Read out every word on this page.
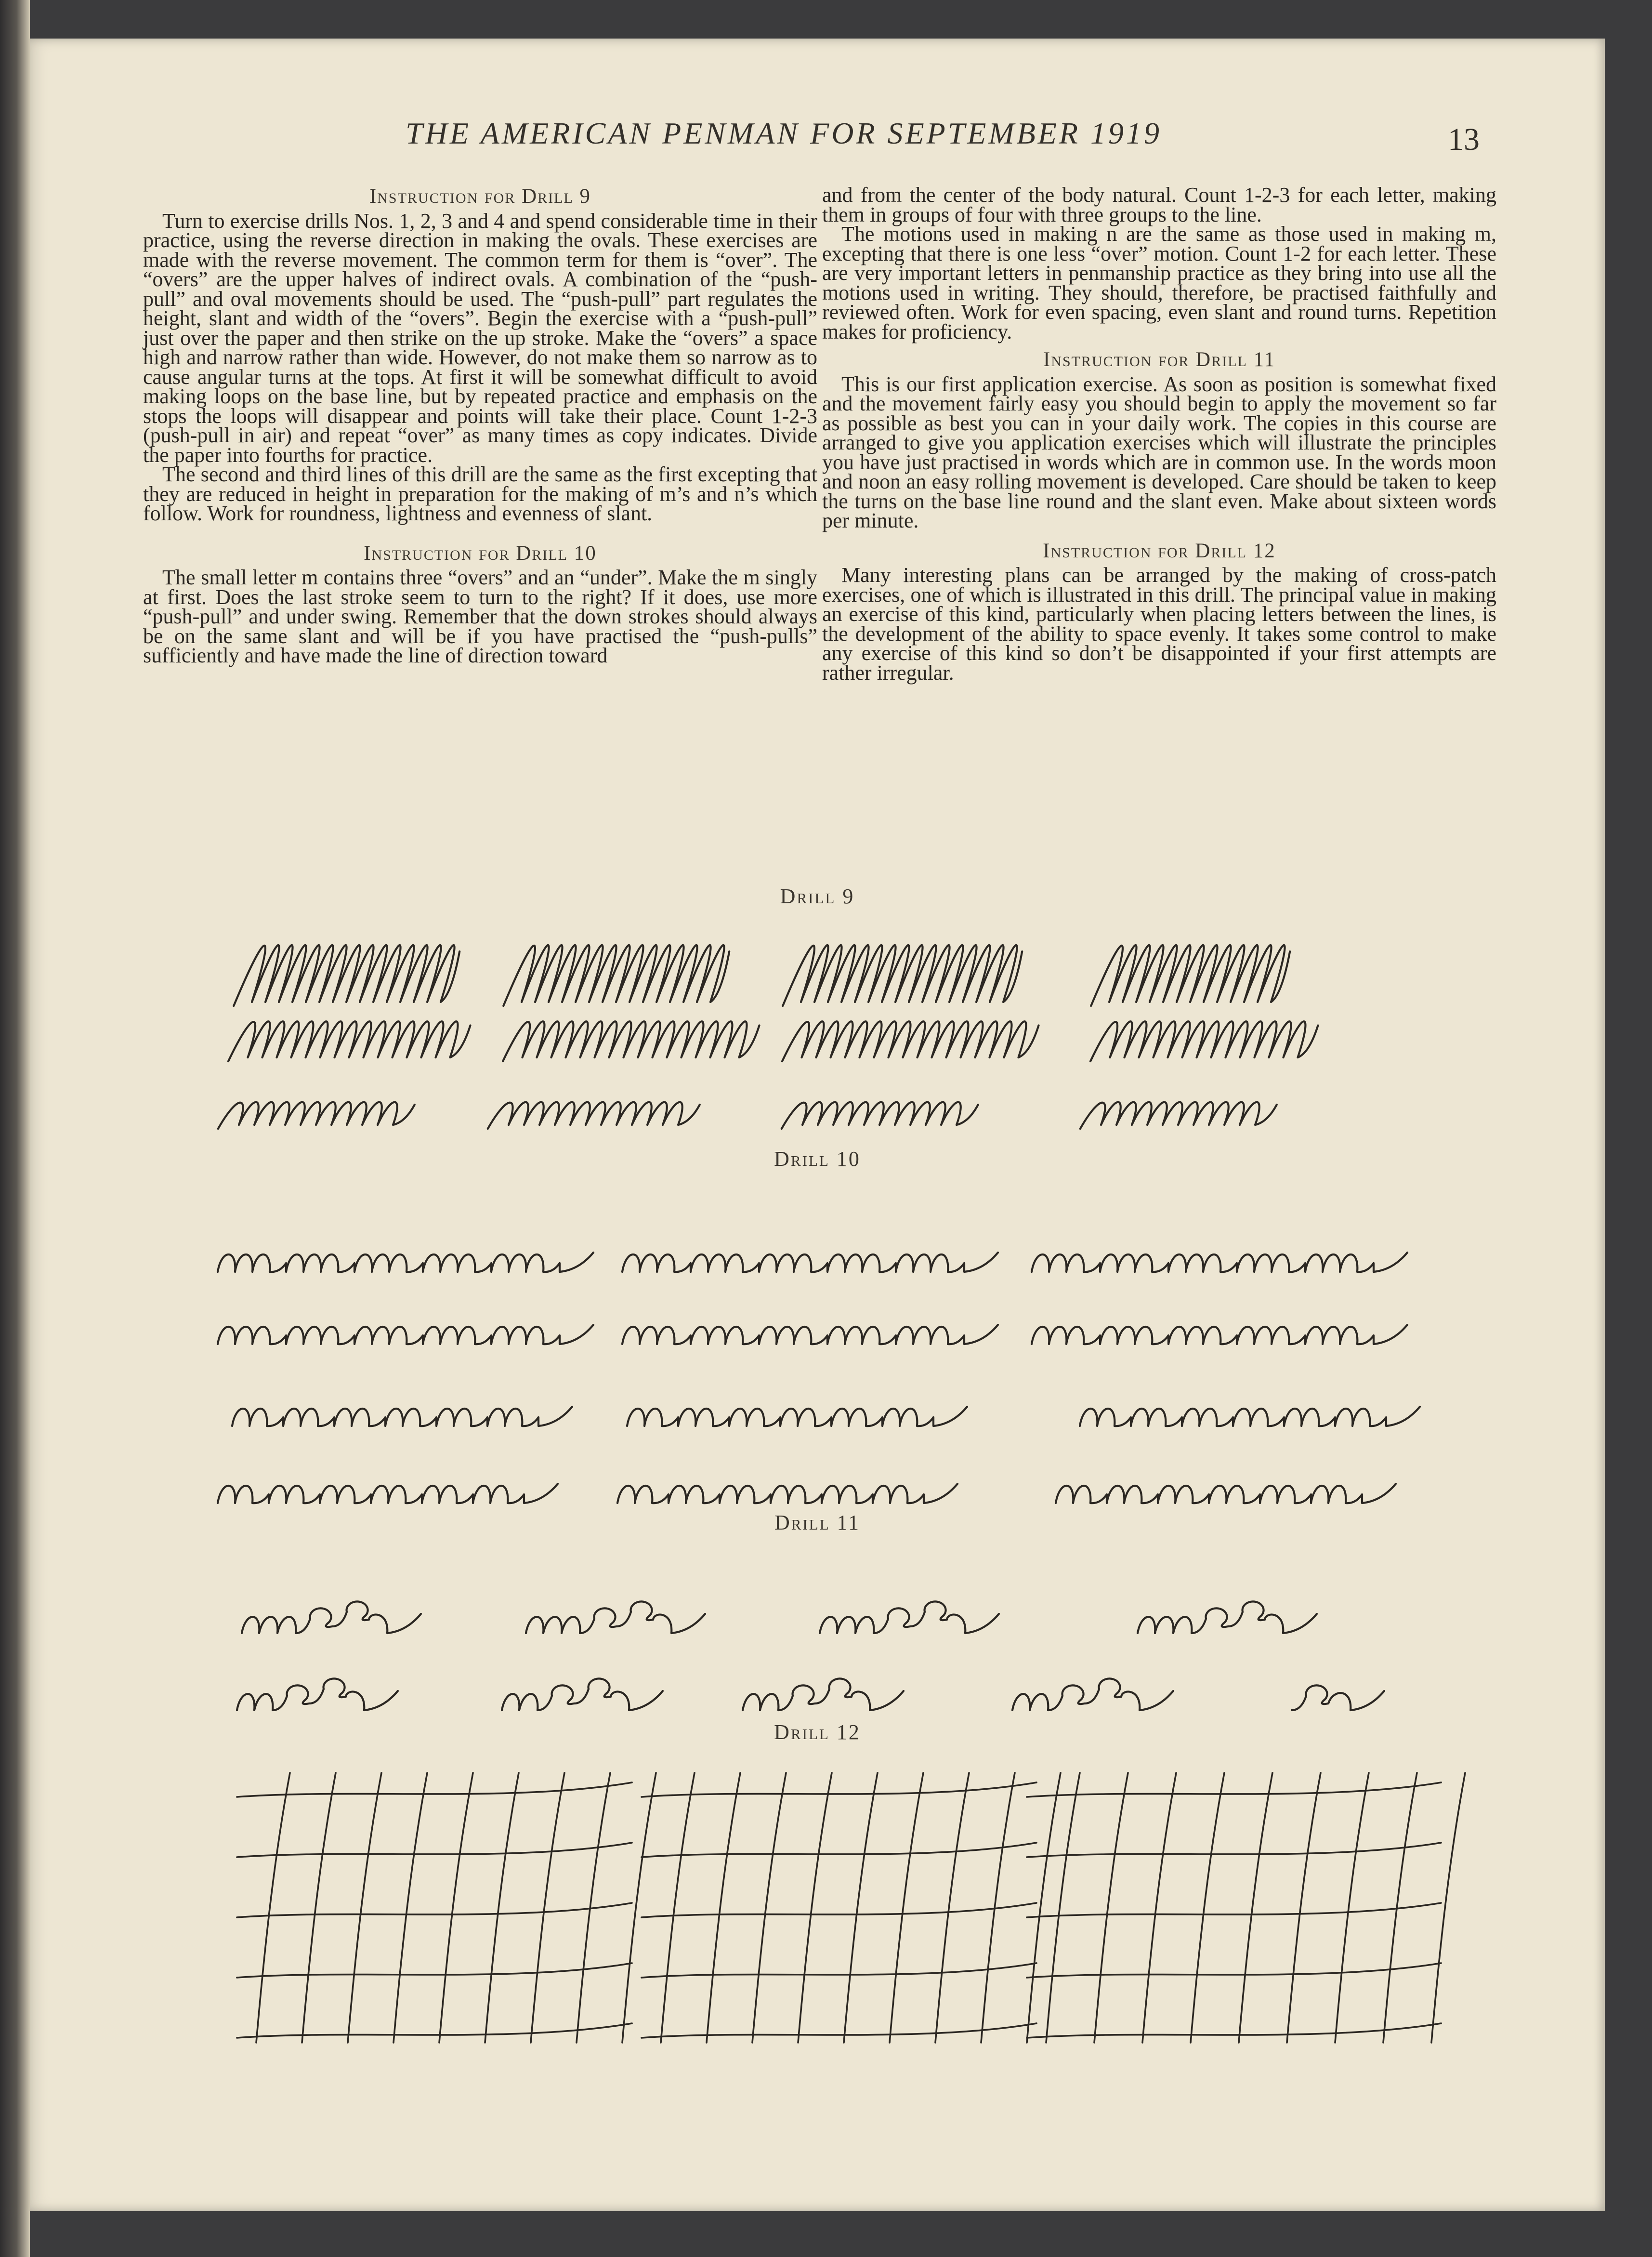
THE AMERICAN PENMAN FOR SEPTEMBER 1919	13
Instruction for Drill 9

Turn to exercise drills Nos. 1, 2, 3 and 4 and spend considerable time in their practice, using the reverse direction in making the ovals. These exercises are made with the reverse movement. The common term for them is “over”. The “overs” are the upper halves of indirect ovals. A combination of the “push-pull” and oval movements should be used. The “push-pull” part regulates the height, slant and width of the “overs”. Begin the exercise with a “push-pull” just over the paper and then strike on the up stroke. Make the “overs” a space high and narrow rather than wide. However, do not make them so narrow as to cause angular turns at the tops. At first it will be somewhat difficult to avoid making loops on the base line, but by repeated practice and emphasis on the stops the loops will disappear and points will take their place. Count 1-2-3 (push-pull in air) and repeat “over” as many times as copy indicates. Divide the paper into fourths for practice.

The second and third lines of this drill are the same as the first excepting that they are reduced in height in preparation for the making of m’s and n’s which follow. Work for roundness, lightness and evenness of slant.

Instruction for Drill 10

The small letter m contains three “overs” and an “under”. Make the m singly at first. Does the last stroke seem to turn to the right? If it does, use more “push-pull” and under swing. Remember that the down strokes should always be on the same slant and will be if you have practised the “push-pulls” sufficiently and have made the line of direction toward

and from the center of the body natural. Count 1-2-3 for each letter, making them in groups of four with three groups to the line.

The motions used in making n are the same as those used in making m, excepting that there is one less “over” motion. Count 1-2 for each letter. These are very important letters in penmanship practice as they bring into use all the motions used in writing. They should, therefore, be practised faithfully and reviewed often. Work for even spacing, even slant and round turns. Repetition makes for proficiency.

Instruction for Drill 11

This is our first application exercise. As soon as position is somewhat fixed and the movement fairly easy you should begin to apply the movement so far as possible as best you can in your daily work. The copies in this course are arranged to give you application exercises which will illustrate the principles you have just practised in words which are in common use. In the words moon and noon an easy rolling movement is developed. Care should be taken to keep the turns on the base line round and the slant even. Make about sixteen words per minute.

Instruction for Drill 12

Many interesting plans can be arranged by the making of cross-patch exercises, one of which is illustrated in this drill. The principal value in making an exercise of this kind, particularly when placing letters between the lines, is the development of the ability to space evenly. It takes some control to make any exercise of this kind so don’t be disappointed if your first attempts are rather irregular.

Drill 9
Drill 10
Drill 11
Drill 12
